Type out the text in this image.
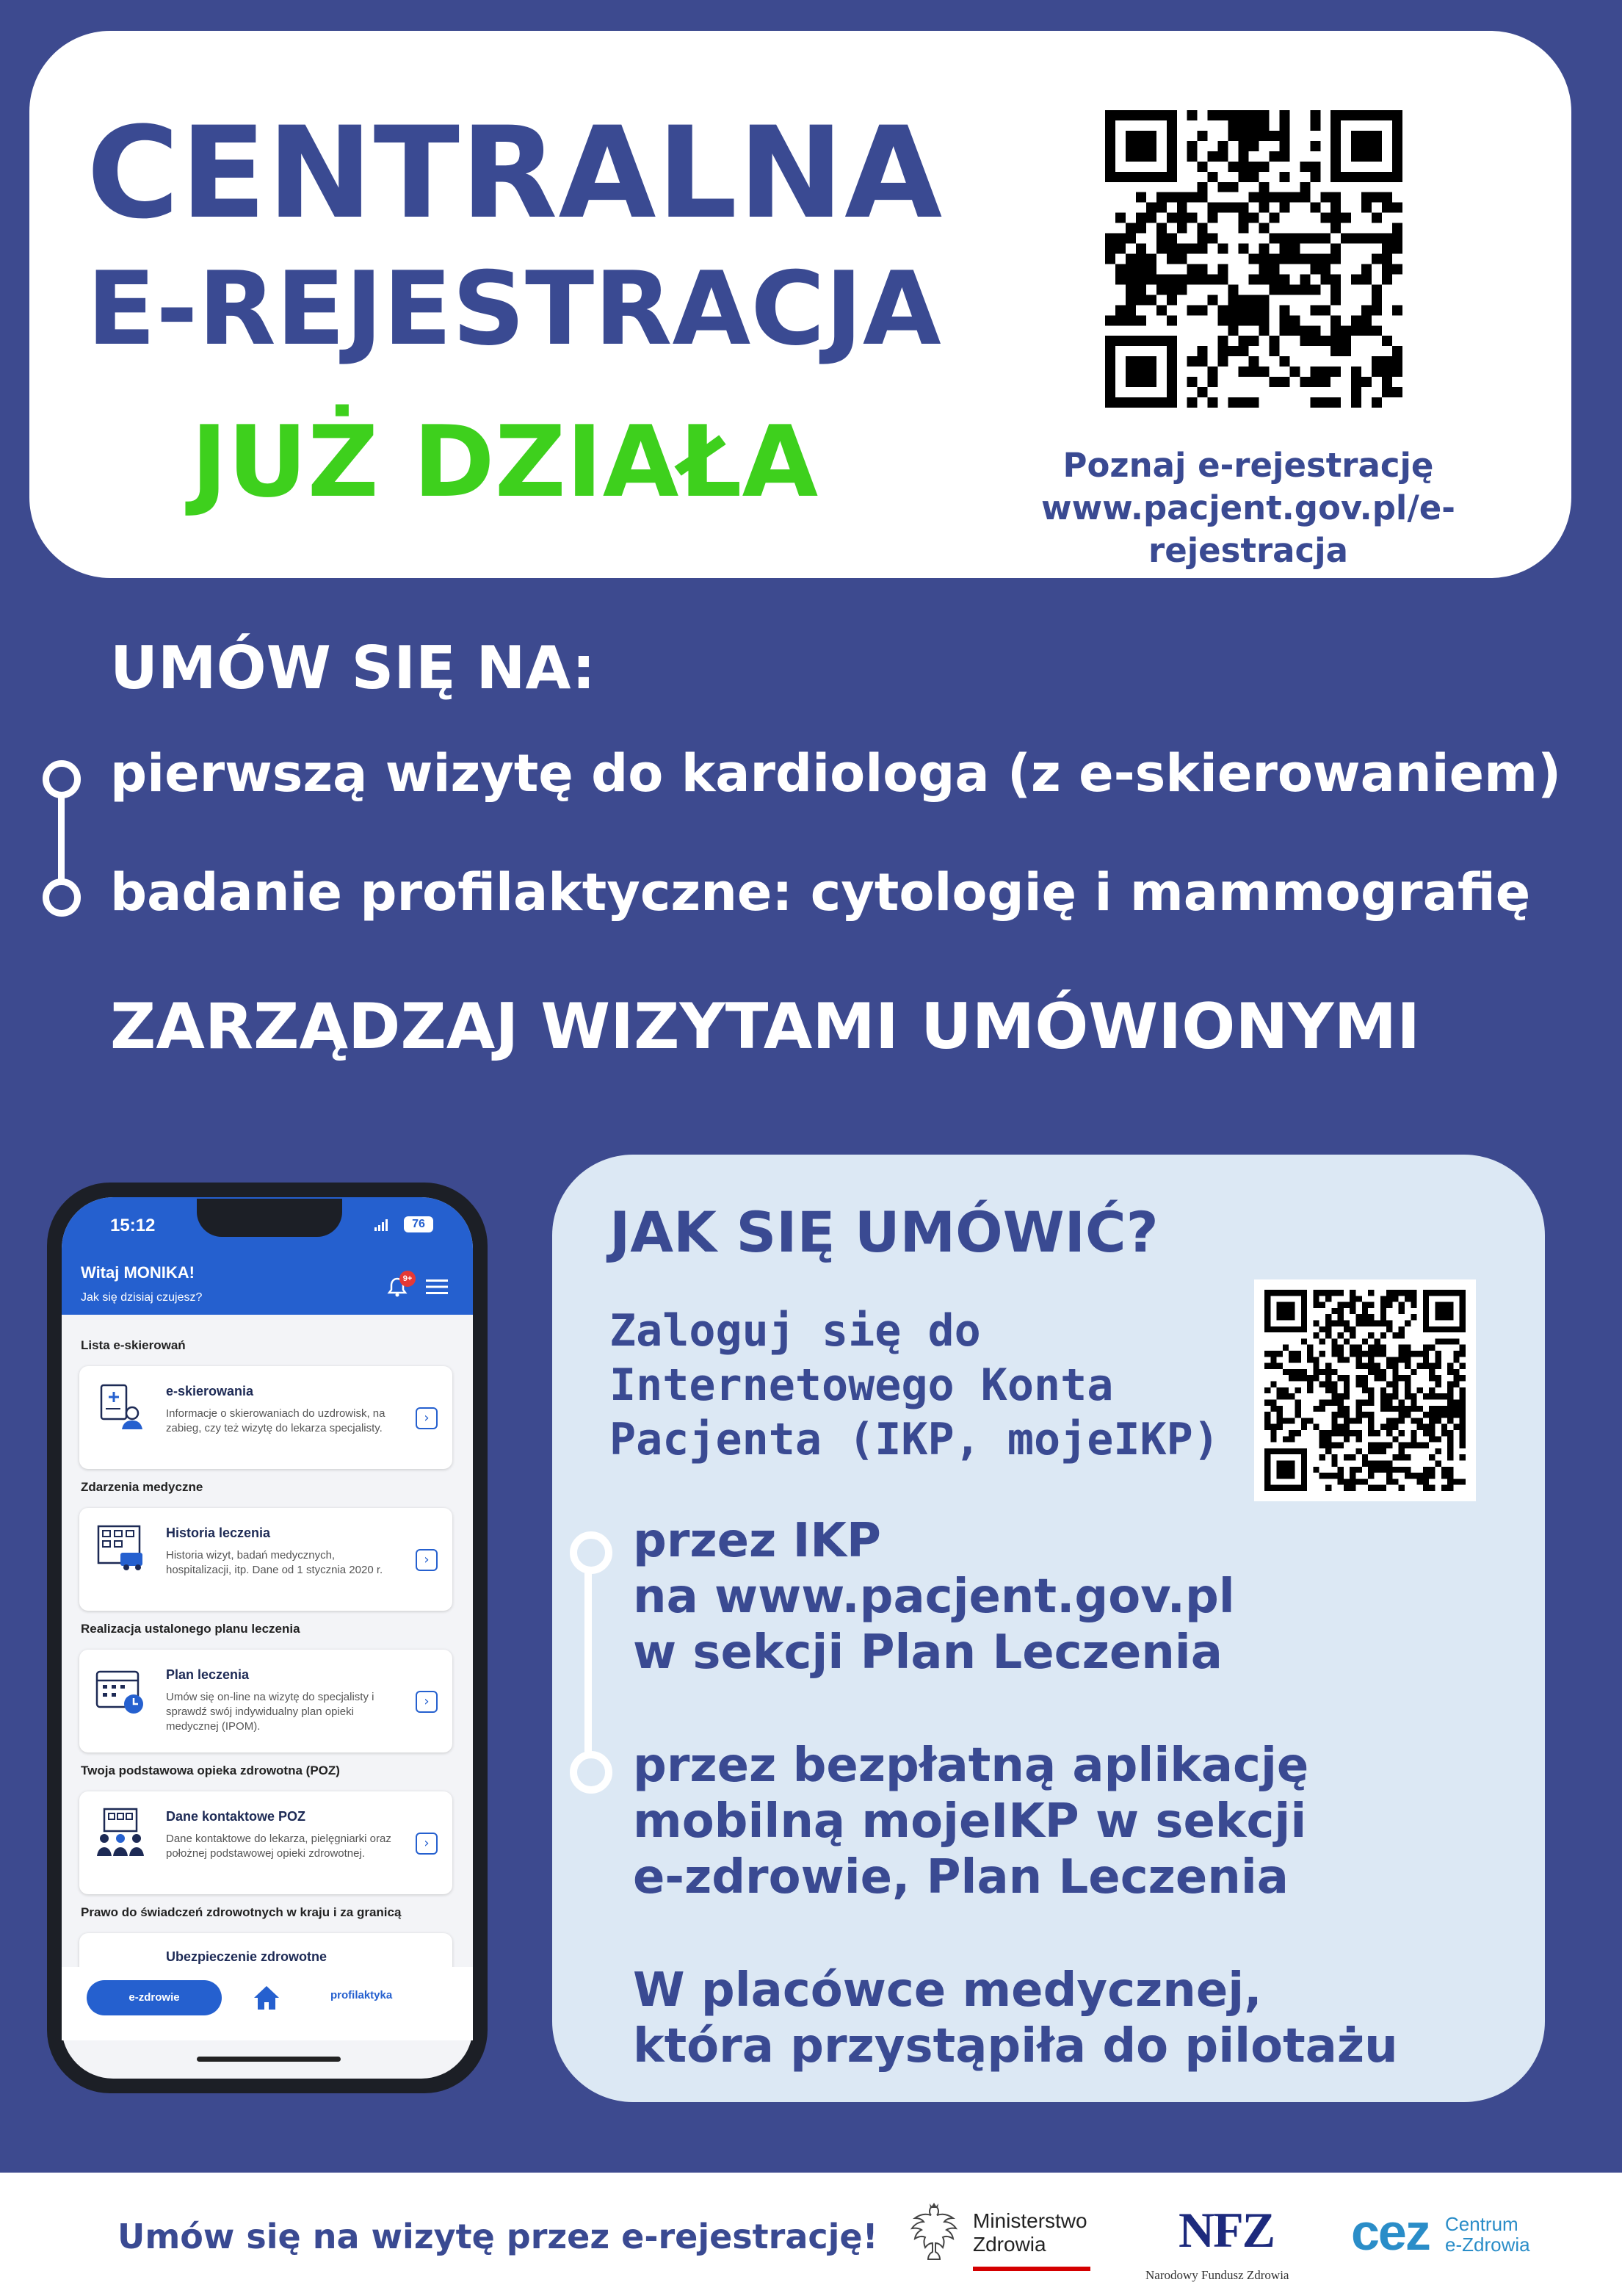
CENTRALNA
E-REJESTRACJA
JUŻ DZIAŁA	Poznaj e-rejestrację
www.pacjent.gov.pl/e-rejestracja
UMÓW SIĘ NA:
pierwszą wizytę do kardiologa (z e-skierowaniem)
badanie profilaktyczne: cytologię i mammografię
ZARZĄDZAJ WIZYTAMI UMÓWIONYMI
15:12	76
Witaj MONIKA!
Jak się dzisiaj czujesz?
9+
Lista e-skierowań
e-skierowania
Informacje o skierowaniach do uzdrowisk, na zabieg, czy też wizytę do lekarza specjalisty.
›
Zdarzenia medyczne
Historia leczenia
Historia wizyt, badań medycznych, hospitalizacji, itp. Dane od 1 stycznia 2020 r.
›
Realizacja ustalonego planu leczenia
Plan leczenia
Umów się on-line na wizytę do specjalisty i sprawdź swój indywidualny plan opieki medycznej (IPOM).
›
Twoja podstawowa opieka zdrowotna (POZ)
Dane kontaktowe POZ
Dane kontaktowe do lekarza, pielęgniarki oraz położnej podstawowej opieki zdrowotnej.
›
Prawo do świadczeń zdrowotnych w kraju i za granicą
Ubezpieczenie zdrowotne
e-zdrowie	profilaktyka
JAK SIĘ UMÓWIĆ?
Zaloguj się do
Internetowego Konta
Pacjenta (IKP, mojeIKP)
przez IKP
na www.pacjent.gov.pl
w sekcji Plan Leczenia
przez bezpłatną aplikację
mobilną mojeIKP w sekcji
e-zdrowie, Plan Leczenia
W placówce medycznej,
która przystąpiła do pilotażu
Umów się na wizytę przez e-rejestrację!	Ministerstwo
Zdrowia	NFZ
Narodowy Fundusz Zdrowia
cez Centrum
e-Zdrowia
